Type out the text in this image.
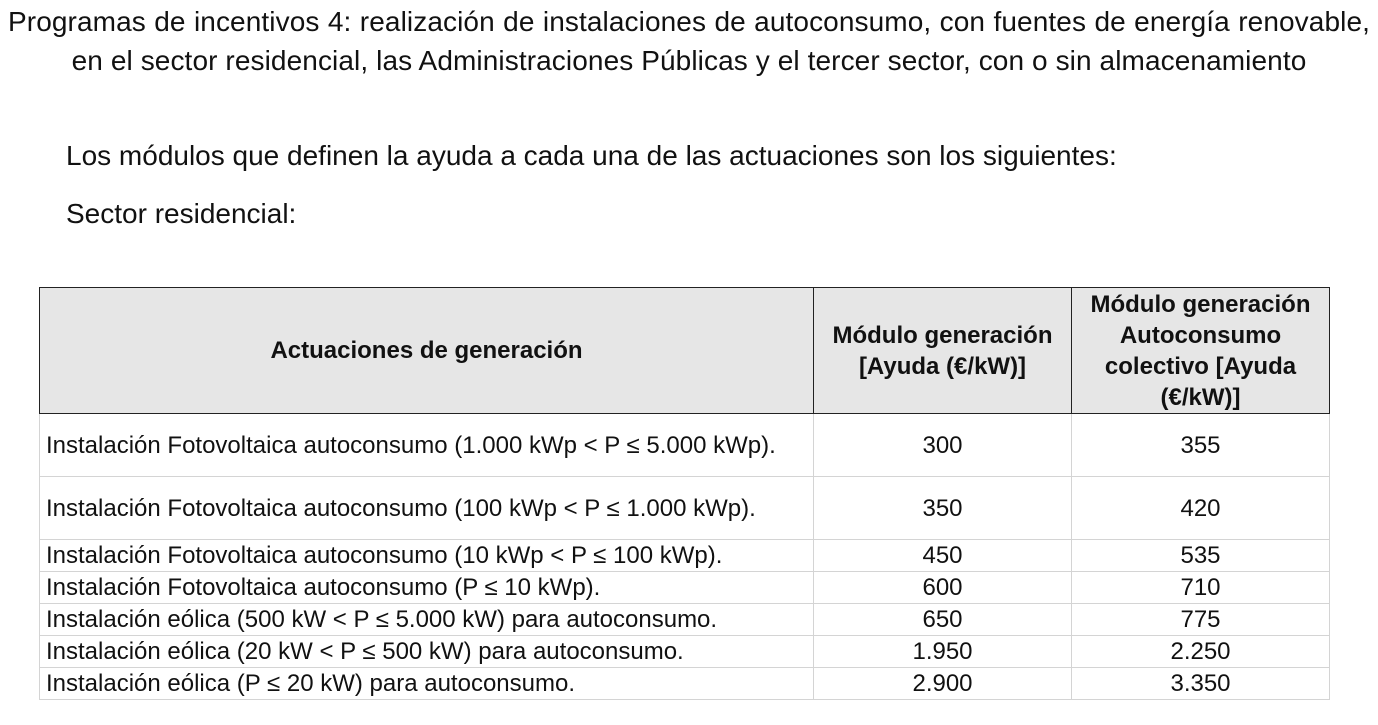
Programas de incentivos 4: realización de instalaciones de autoconsumo, con fuentes de energía renovable, en el sector residencial, las Administraciones Públicas y el tercer sector, con o sin almacenamiento
Los módulos que definen la ayuda a cada una de las actuaciones son los siguientes:
Sector residencial:
Actuaciones de generación	Módulo generación [Ayuda (€/kW)]	Módulo generación Autoconsumo colectivo [Ayuda (€/kW)]
Instalación Fotovoltaica autoconsumo (1.000 kWp < P ≤ 5.000 kWp).	300	355
Instalación Fotovoltaica autoconsumo (100 kWp < P ≤ 1.000 kWp).	350	420
Instalación Fotovoltaica autoconsumo (10 kWp < P ≤ 100 kWp).	450	535
Instalación Fotovoltaica autoconsumo (P ≤ 10 kWp).	600	710
Instalación eólica (500 kW < P ≤ 5.000 kW) para autoconsumo.	650	775
Instalación eólica (20 kW < P ≤ 500 kW) para autoconsumo.	1.950	2.250
Instalación eólica (P ≤ 20 kW) para autoconsumo.	2.900	3.350
